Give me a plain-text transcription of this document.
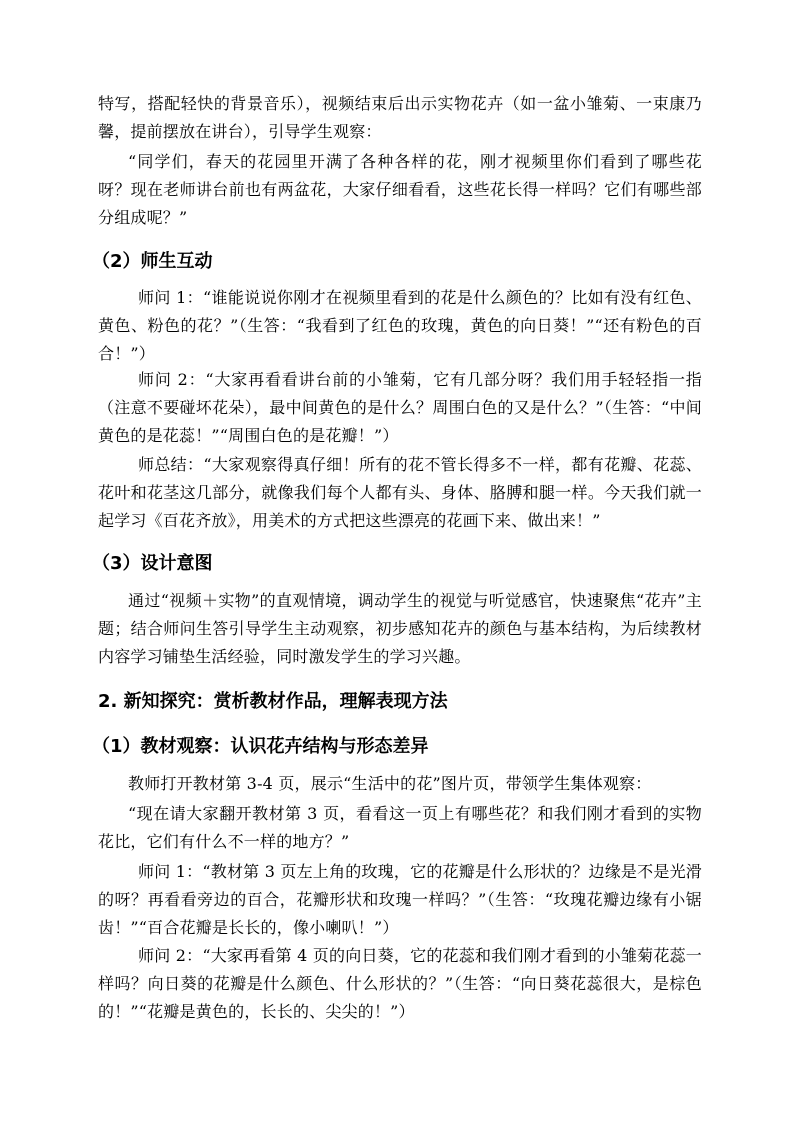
特写，搭配轻快的背景音乐），视频结束后出示实物花卉（如一盆小雏菊、一束康乃馨，提前摆放在讲台），引导学生观察：

“同学们，春天的花园里开满了各种各样的花，刚才视频里你们看到了哪些花呀？现在老师讲台前也有两盆花，大家仔细看看，这些花长得一样吗？它们有哪些部分组成呢？”

（2）师生互动

师问 1：“谁能说说你刚才在视频里看到的花是什么颜色的？比如有没有红色、黄色、粉色的花？”（生答：“我看到了红色的玫瑰，黄色的向日葵！”“还有粉色的百合！”）

师问 2：“大家再看看讲台前的小雏菊，它有几部分呀？我们用手轻轻指一指（注意不要碰坏花朵），最中间黄色的是什么？周围白色的又是什么？”（生答：“中间黄色的是花蕊！”“周围白色的是花瓣！”）

师总结：“大家观察得真仔细！所有的花不管长得多不一样，都有花瓣、花蕊、花叶和花茎这几部分，就像我们每个人都有头、身体、胳膊和腿一样。今天我们就一起学习《百花齐放》，用美术的方式把这些漂亮的花画下来、做出来！”

（3）设计意图

通过“视频＋实物”的直观情境，调动学生的视觉与听觉感官，快速聚焦“花卉”主题；结合师问生答引导学生主动观察，初步感知花卉的颜色与基本结构，为后续教材内容学习铺垫生活经验，同时激发学生的学习兴趣。

2. 新知探究：赏析教材作品，理解表现方法
（1）教材观察：认识花卉结构与形态差异

教师打开教材第 3-4 页，展示“生活中的花”图片页，带领学生集体观察：

“现在请大家翻开教材第 3 页，看看这一页上有哪些花？和我们刚才看到的实物花比，它们有什么不一样的地方？”

师问 1：“教材第 3 页左上角的玫瑰，它的花瓣是什么形状的？边缘是不是光滑的呀？再看看旁边的百合，花瓣形状和玫瑰一样吗？”（生答：“玫瑰花瓣边缘有小锯齿！”“百合花瓣是长长的，像小喇叭！”）

师问 2：“大家再看第 4 页的向日葵，它的花蕊和我们刚才看到的小雏菊花蕊一样吗？向日葵的花瓣是什么颜色、什么形状的？”（生答：“向日葵花蕊很大，是棕色的！”“花瓣是黄色的，长长的、尖尖的！”）
